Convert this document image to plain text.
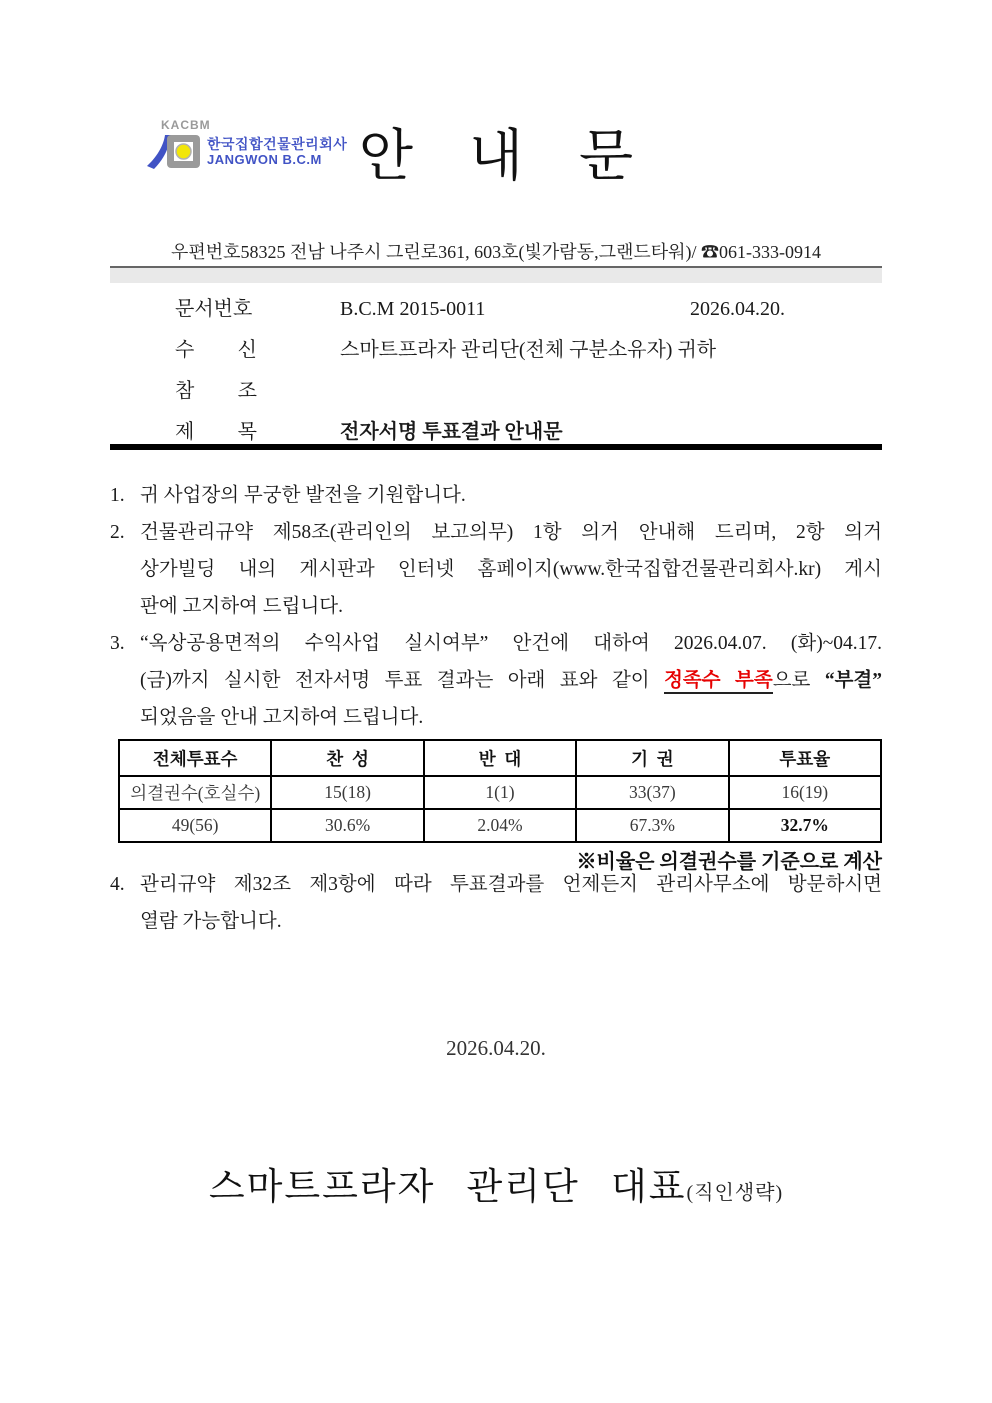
KACBM
한국집합건물관리회사
JANGWON B.C.M 안 내 문
우편번호58325 전남 나주시 그린로361, 603호(빛가람동,그랜드타워)/ ☎061-333-0914
문서번호	B.C.M 2015-0011	2026.04.20.
수 신	스마트프라자 관리단(전체 구분소유자) 귀하
참 조
제 목	전자서명 투표결과 안내문
1. 귀 사업장의 무궁한 발전을 기원합니다.
2. 건물관리규약 제58조(관리인의 보고의무) 1항 의거 안내해 드리며, 2항 의거
상가빌딩 내의 게시판과 인터넷 홈페이지(www.한국집합건물관리회사.kr) 게시
판에 고지하여 드립니다.
3. “옥상공용면적의 수익사업 실시여부” 안건에 대하여 2026.04.07. (화)~04.17.
(금)까지 실시한 전자서명 투표 결과는 아래 표와 같이 정족수 부족으로 “부결”
되었음을 안내 고지하여 드립니다.
전체투표수	찬  성	반  대	기  권	투표율
의결권수(호실수)	15(18)	1(1)	33(37)	16(19)
49(56)	30.6%	2.04%	67.3%	32.7%
※비율은 의결권수를 기준으로 계산
4. 관리규약 제32조 제3항에 따라 투표결과를 언제든지 관리사무소에 방문하시면
열람 가능합니다.
2026.04.20.
스마트프라자 관리단 대표(직인생략)
